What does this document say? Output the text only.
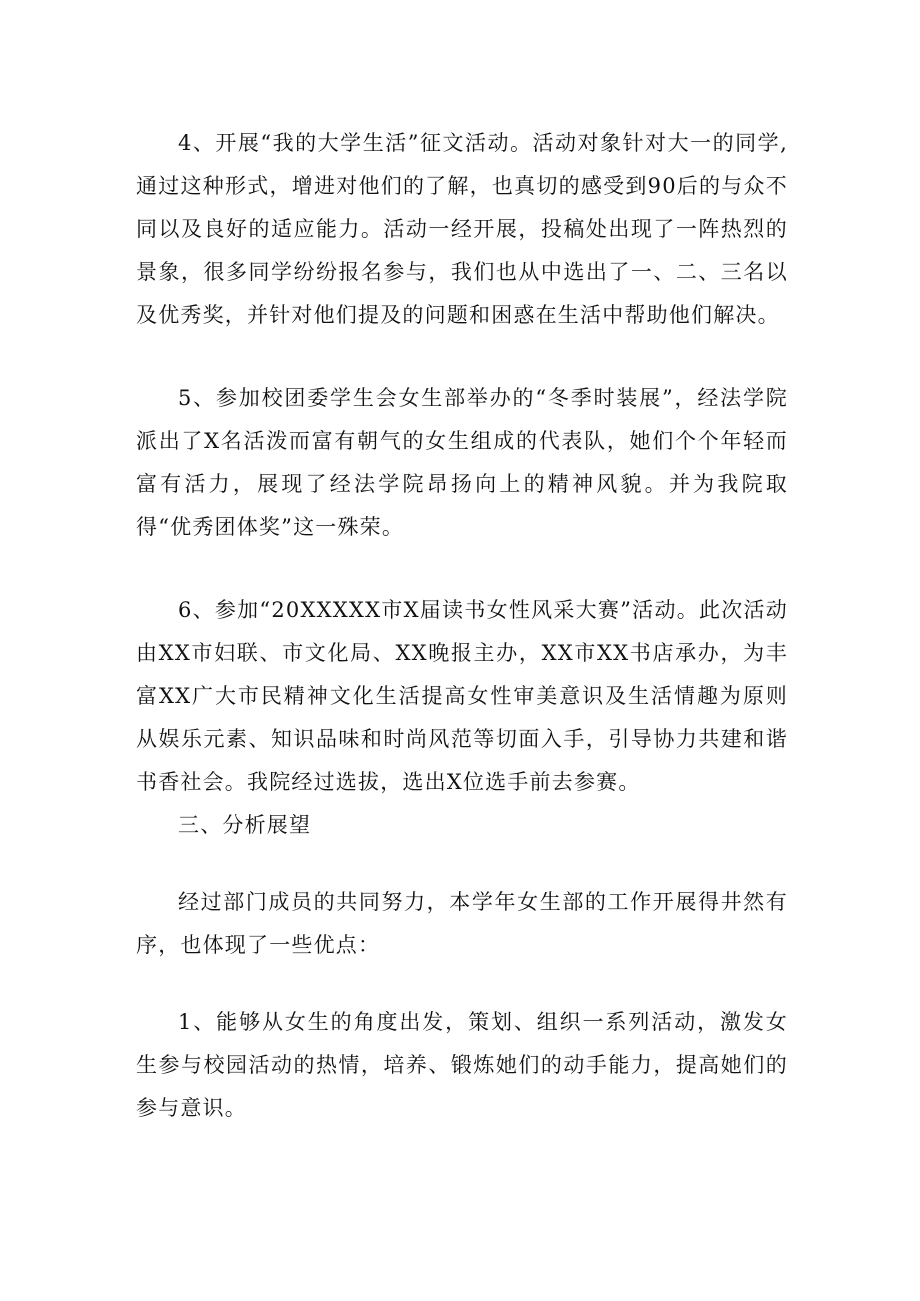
4、开展“我的大学生活”征文活动。活动对象针对大一的同学,通过这种形式，增进对他们的了解，也真切的感受到90后的与众不同以及良好的适应能力。活动一经开展，投稿处出现了一阵热烈的景象，很多同学纷纷报名参与，我们也从中选出了一、二、三名以及优秀奖，并针对他们提及的问题和困惑在生活中帮助他们解决。

5、参加校团委学生会女生部举办的“冬季时装展”，经法学院派出了X名活泼而富有朝气的女生组成的代表队，她们个个年轻而富有活力，展现了经法学院昂扬向上的精神风貌。并为我院取得“优秀团体奖”这一殊荣。

6、参加“20XXXXX市X届读书女性风采大赛”活动。此次活动由XX市妇联、市文化局、XX晚报主办，XX市XX书店承办，为丰富XX广大市民精神文化生活提高女性审美意识及生活情趣为原则从娱乐元素、知识品味和时尚风范等切面入手，引导协力共建和谐书香社会。我院经过选拔，选出X位选手前去参赛。

三、分析展望

经过部门成员的共同努力，本学年女生部的工作开展得井然有序，也体现了一些优点：

1、能够从女生的角度出发，策划、组织一系列活动，激发女生参与校园活动的热情，培养、锻炼她们的动手能力，提高她们的参与意识。
